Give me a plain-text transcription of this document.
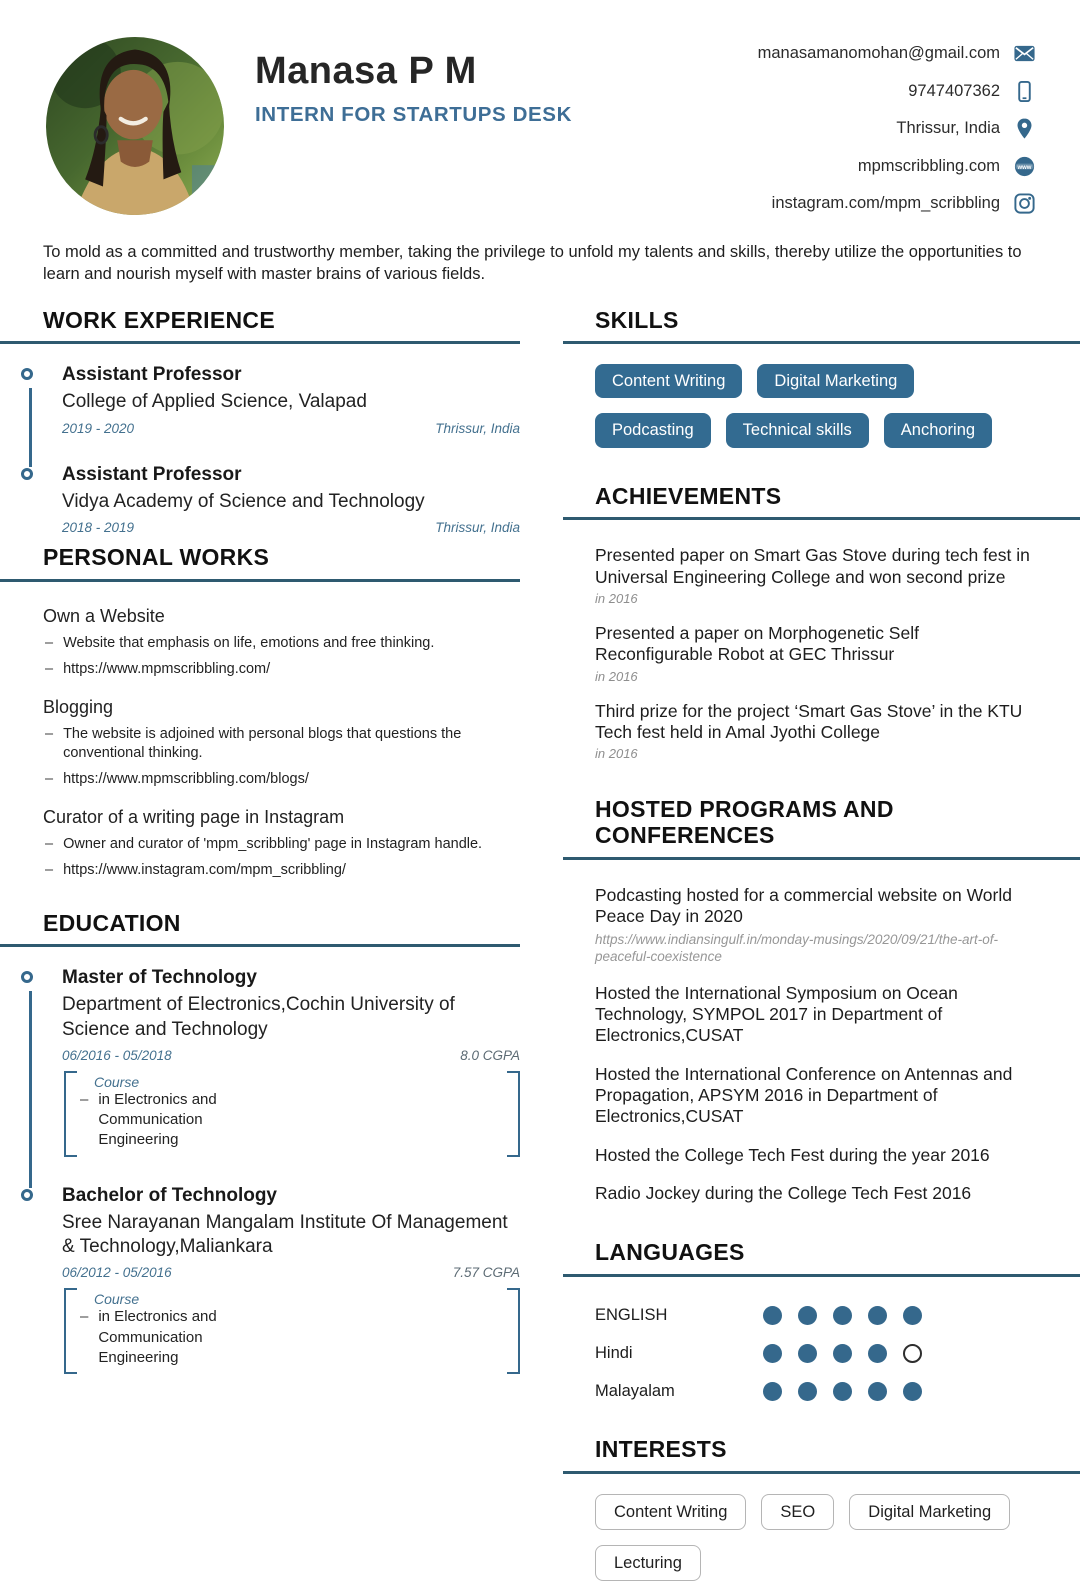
Manasa P M
INTERN FOR STARTUPS DESK
manasamanomohan@gmail.com
9747407362
Thrissur, India
mpmscribbling.com	www
instagram.com/mpm_scribbling

To mold as a committed and trustworthy member, taking the privilege to unfold my talents and skills, thereby utilize the opportunities to learn and nourish myself with master brains of various fields.

WORK EXPERIENCE
Assistant Professor
College of Applied Science, Valapad
2019 - 2020	Thrissur, India
Assistant Professor
Vidya Academy of Science and Technology
2018 - 2019	Thrissur, India
PERSONAL WORKS
Own a Website
– Website that emphasis on life, emotions and free thinking.
– https://www.mpmscribbling.com/
Blogging
– The website is adjoined with personal blogs that questions the conventional thinking.
– https://www.mpmscribbling.com/blogs/
Curator of a writing page in Instagram
– Owner and curator of 'mpm_scribbling' page in Instagram handle.
– https://www.instagram.com/mpm_scribbling/
EDUCATION
Master of Technology
Department of Electronics,Cochin University of Science and Technology
06/2016 - 05/2018	8.0 CGPA
Course
– in Electronics and Communication Engineering
Bachelor of Technology
Sree Narayanan Mangalam Institute Of Management & Technology,Maliankara
06/2012 - 05/2016	7.57 CGPA
Course
– in Electronics and Communication Engineering
SKILLS
Content Writing	Digital Marketing
Podcasting	Technical skills	Anchoring
ACHIEVEMENTS
Presented paper on Smart Gas Stove during tech fest in Universal Engineering College and won second prize
in 2016
Presented a paper on Morphogenetic Self Reconfigurable Robot at GEC Thrissur
in 2016
Third prize for the project ‘Smart Gas Stove’ in the KTU Tech fest held in Amal Jyothi College
in 2016
HOSTED PROGRAMS AND CONFERENCES
Podcasting hosted for a commercial website on World Peace Day in 2020
https://www.indiansingulf.in/monday-musings/2020/09/21/the-art-of-peaceful-coexistence
Hosted the International Symposium on Ocean Technology, SYMPOL 2017 in Department of Electronics,CUSAT
Hosted the International Conference on Antennas and Propagation, APSYM 2016 in Department of Electronics,CUSAT
Hosted the College Tech Fest during the year 2016
Radio Jockey during the College Tech Fest 2016
LANGUAGES
ENGLISH
Hindi
Malayalam
INTERESTS
Content Writing	SEO	Digital Marketing
Lecturing
